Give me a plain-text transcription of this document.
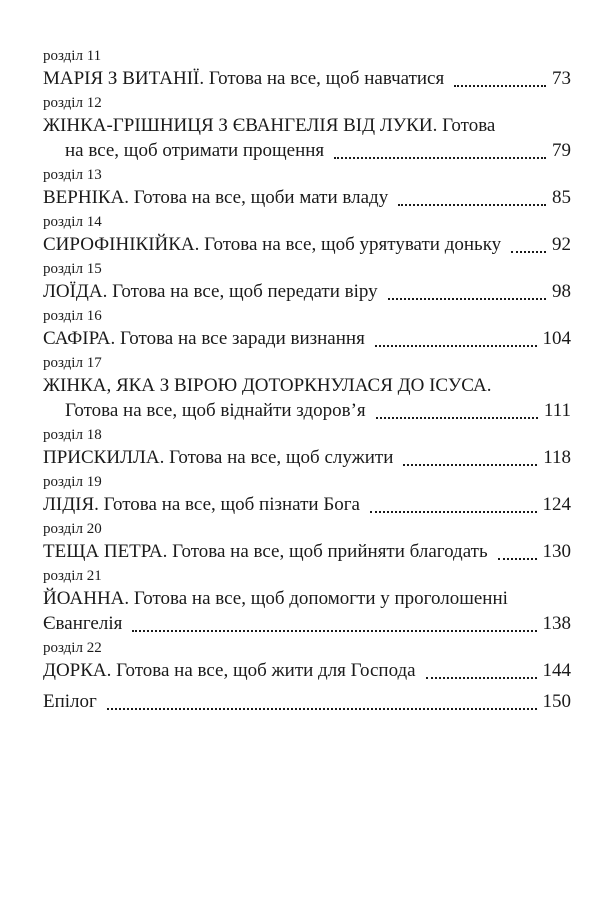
розділ 11
МАРІЯ З ВИТАНІЇ. Готова на все, щоб навчатися	73
розділ 12
ЖІНКА-ГРІШНИЦЯ З ЄВАНГЕЛІЯ ВІД ЛУКИ. Готова
на все, щоб отримати прощення	79
розділ 13
ВЕРНІКА. Готова на все, щоби мати владу	85
розділ 14
СИРОФІНІКІЙКА. Готова на все, щоб урятувати доньку	92
розділ 15
ЛОЇДА. Готова на все, щоб передати віру	98
розділ 16
САФІРА. Готова на все заради визнання	104
розділ 17
ЖІНКА, ЯКА З ВІРОЮ ДОТОРКНУЛАСЯ ДО ІСУСА.
Готова на все, щоб віднайти здоров’я	111
розділ 18
ПРИСКИЛЛА. Готова на все, щоб служити	118
розділ 19
ЛІДІЯ. Готова на все, щоб пізнати Бога	124
розділ 20
ТЕЩА ПЕТРА. Готова на все, щоб прийняти благодать	130
розділ 21
ЙОАННА. Готова на все, щоб допомогти у проголошенні
Євангелія	138
розділ 22
ДОРКА. Готова на все, щоб жити для Господа	144
Епілог	150
